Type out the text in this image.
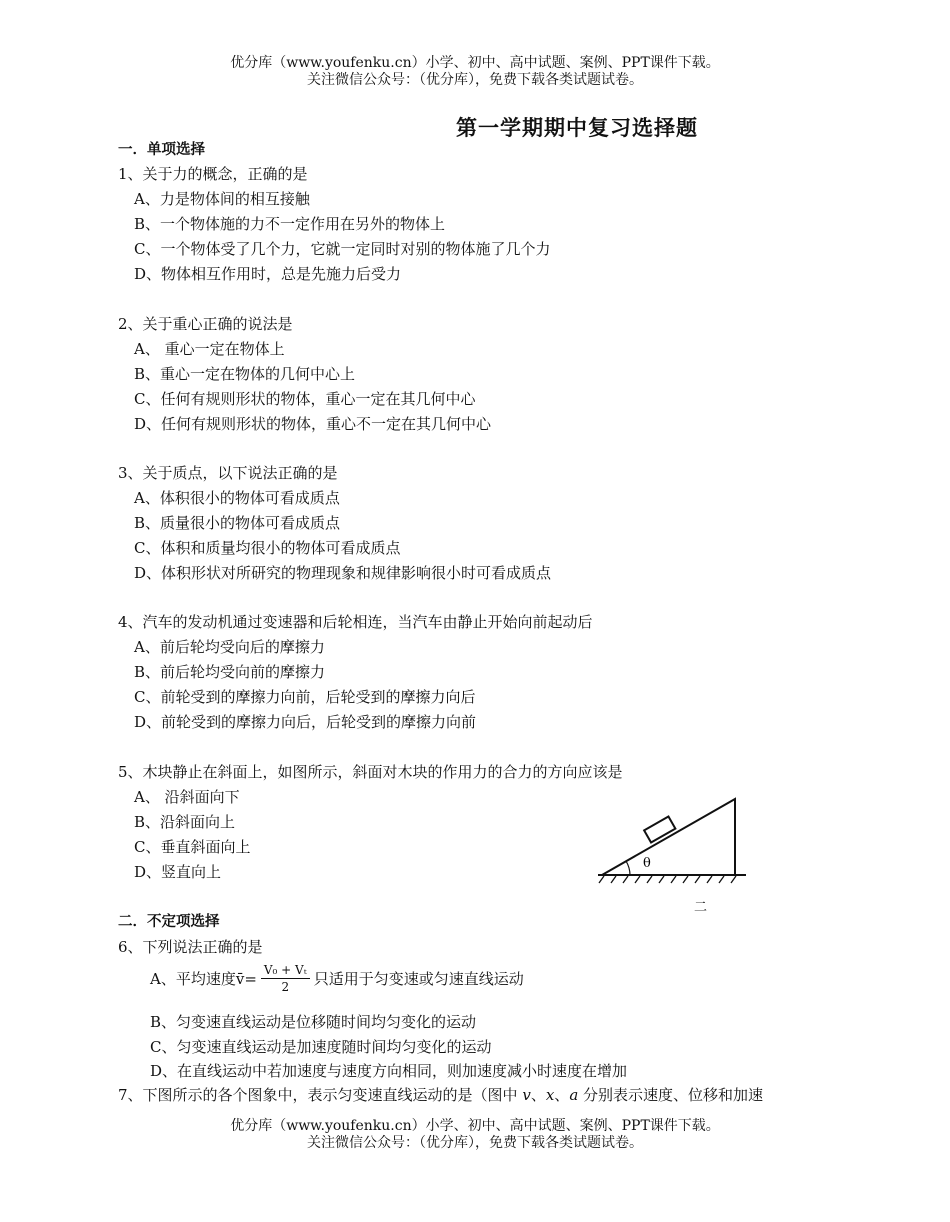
优分库（www.youfenku.cn）小学、初中、高中试题、案例、PPT课件下载。
关注微信公众号：（优分库），免费下载各类试题试卷。
第一学期期中复习选择题
一．单项选择
1、关于力的概念，正确的是
A、力是物体间的相互接触
B、一个物体施的力不一定作用在另外的物体上
C、一个物体受了几个力，它就一定同时对别的物体施了几个力
D、物体相互作用时，总是先施力后受力
2、关于重心正确的说法是
A、 重心一定在物体上
B、重心一定在物体的几何中心上
C、任何有规则形状的物体，重心一定在其几何中心
D、任何有规则形状的物体，重心不一定在其几何中心
3、关于质点，以下说法正确的是
A、体积很小的物体可看成质点
B、质量很小的物体可看成质点
C、体积和质量均很小的物体可看成质点
D、体积形状对所研究的物理现象和规律影响很小时可看成质点
4、汽车的发动机通过变速器和后轮相连，当汽车由静止开始向前起动后
A、前后轮均受向后的摩擦力
B、前后轮均受向前的摩擦力
C、前轮受到的摩擦力向前，后轮受到的摩擦力向后
D、前轮受到的摩擦力向后，后轮受到的摩擦力向前
5、木块静止在斜面上，如图所示，斜面对木块的作用力的合力的方向应该是
A、 沿斜面向下
B、沿斜面向上
C、垂直斜面向上
D、竖直向上	θ
二
二．不定项选择
6、下列说法正确的是
A、平均速度 v̄= $\frac{\text{V₀ + Vₜ}}{2}$ 只适用于匀变速或匀速直线运动
B、匀变速直线运动是位移随时间均匀变化的运动
C、匀变速直线运动是加速度随时间均匀变化的运动
D、在直线运动中若加速度与速度方向相同，则加速度减小时速度在增加
7、下图所示的各个图象中，表示匀变速直线运动的是（图中 v、x、a 分别表示速度、位移和加速
优分库（www.youfenku.cn）小学、初中、高中试题、案例、PPT课件下载。
关注微信公众号：（优分库），免费下载各类试题试卷。
